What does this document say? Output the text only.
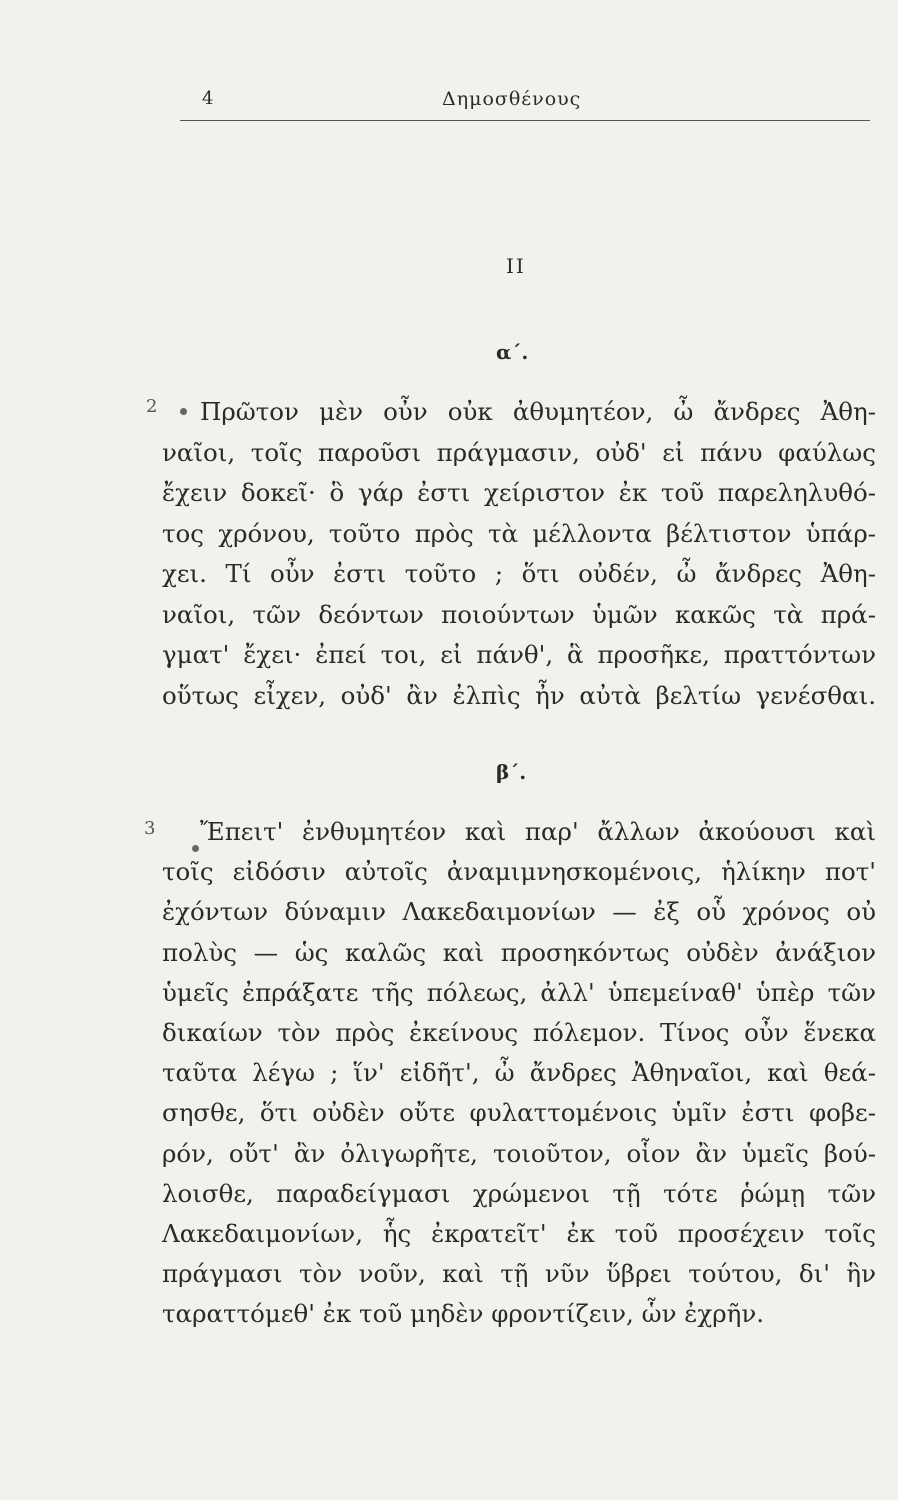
4	Δημοσθένους
II
α΄.
2	Πρῶτον μὲν οὖν οὐκ ἀθυμητέον, ὦ ἄνδρες Ἀθη-
ναῖοι, τοῖς παροῦσι πράγμασιν, οὐδ' εἰ πάνυ φαύλως
ἔχειν δοκεῖ· ὃ γάρ ἐστι χείριστον ἐκ τοῦ παρεληλυθό-
τος χρόνου, τοῦτο πρὸς τὰ μέλλοντα βέλτιστον ὑπάρ-
χει. Τί οὖν ἐστι τοῦτο ; ὅτι οὐδέν, ὦ ἄνδρες Ἀθη-
ναῖοι, τῶν δεόντων ποιούντων ὑμῶν κακῶς τὰ πρά-
γματ' ἔχει· ἐπεί τοι, εἰ πάνθ', ἃ προσῆκε, πραττόντων
οὕτως εἶχεν, οὐδ' ἂν ἐλπὶς ἦν αὐτὰ βελτίω γενέσθαι.
β΄.
3	Ἔπειτ' ἐνθυμητέον καὶ παρ' ἄλλων ἀκούουσι καὶ
τοῖς εἰδόσιν αὐτοῖς ἀναμιμνησκομένοις, ἡλίκην ποτ'
ἐχόντων δύναμιν Λακεδαιμονίων — ἐξ οὗ χρόνος οὐ
πολὺς — ὡς καλῶς καὶ προσηκόντως οὐδὲν ἀνάξιον
ὑμεῖς ἐπράξατε τῆς πόλεως, ἀλλ' ὑπεμείναθ' ὑπὲρ τῶν
δικαίων τὸν πρὸς ἐκείνους πόλεμον. Τίνος οὖν ἕνεκα
ταῦτα λέγω ; ἵν' εἰδῆτ', ὦ ἄνδρες Ἀθηναῖοι, καὶ θεά-
σησθε, ὅτι οὐδὲν οὔτε φυλαττομένοις ὑμῖν ἐστι φοβε-
ρόν, οὔτ' ἂν ὀλιγωρῆτε, τοιοῦτον, οἷον ἂν ὑμεῖς βού-
λοισθε, παραδείγμασι χρώμενοι τῇ τότε ῥώμῃ τῶν
Λακεδαιμονίων, ἧς ἐκρατεῖτ' ἐκ τοῦ προσέχειν τοῖς
πράγμασι τὸν νοῦν, καὶ τῇ νῦν ὕβρει τούτου, δι' ἣν
ταραττόμεθ' ἐκ τοῦ μηδὲν φροντίζειν, ὧν ἐχρῆν.
